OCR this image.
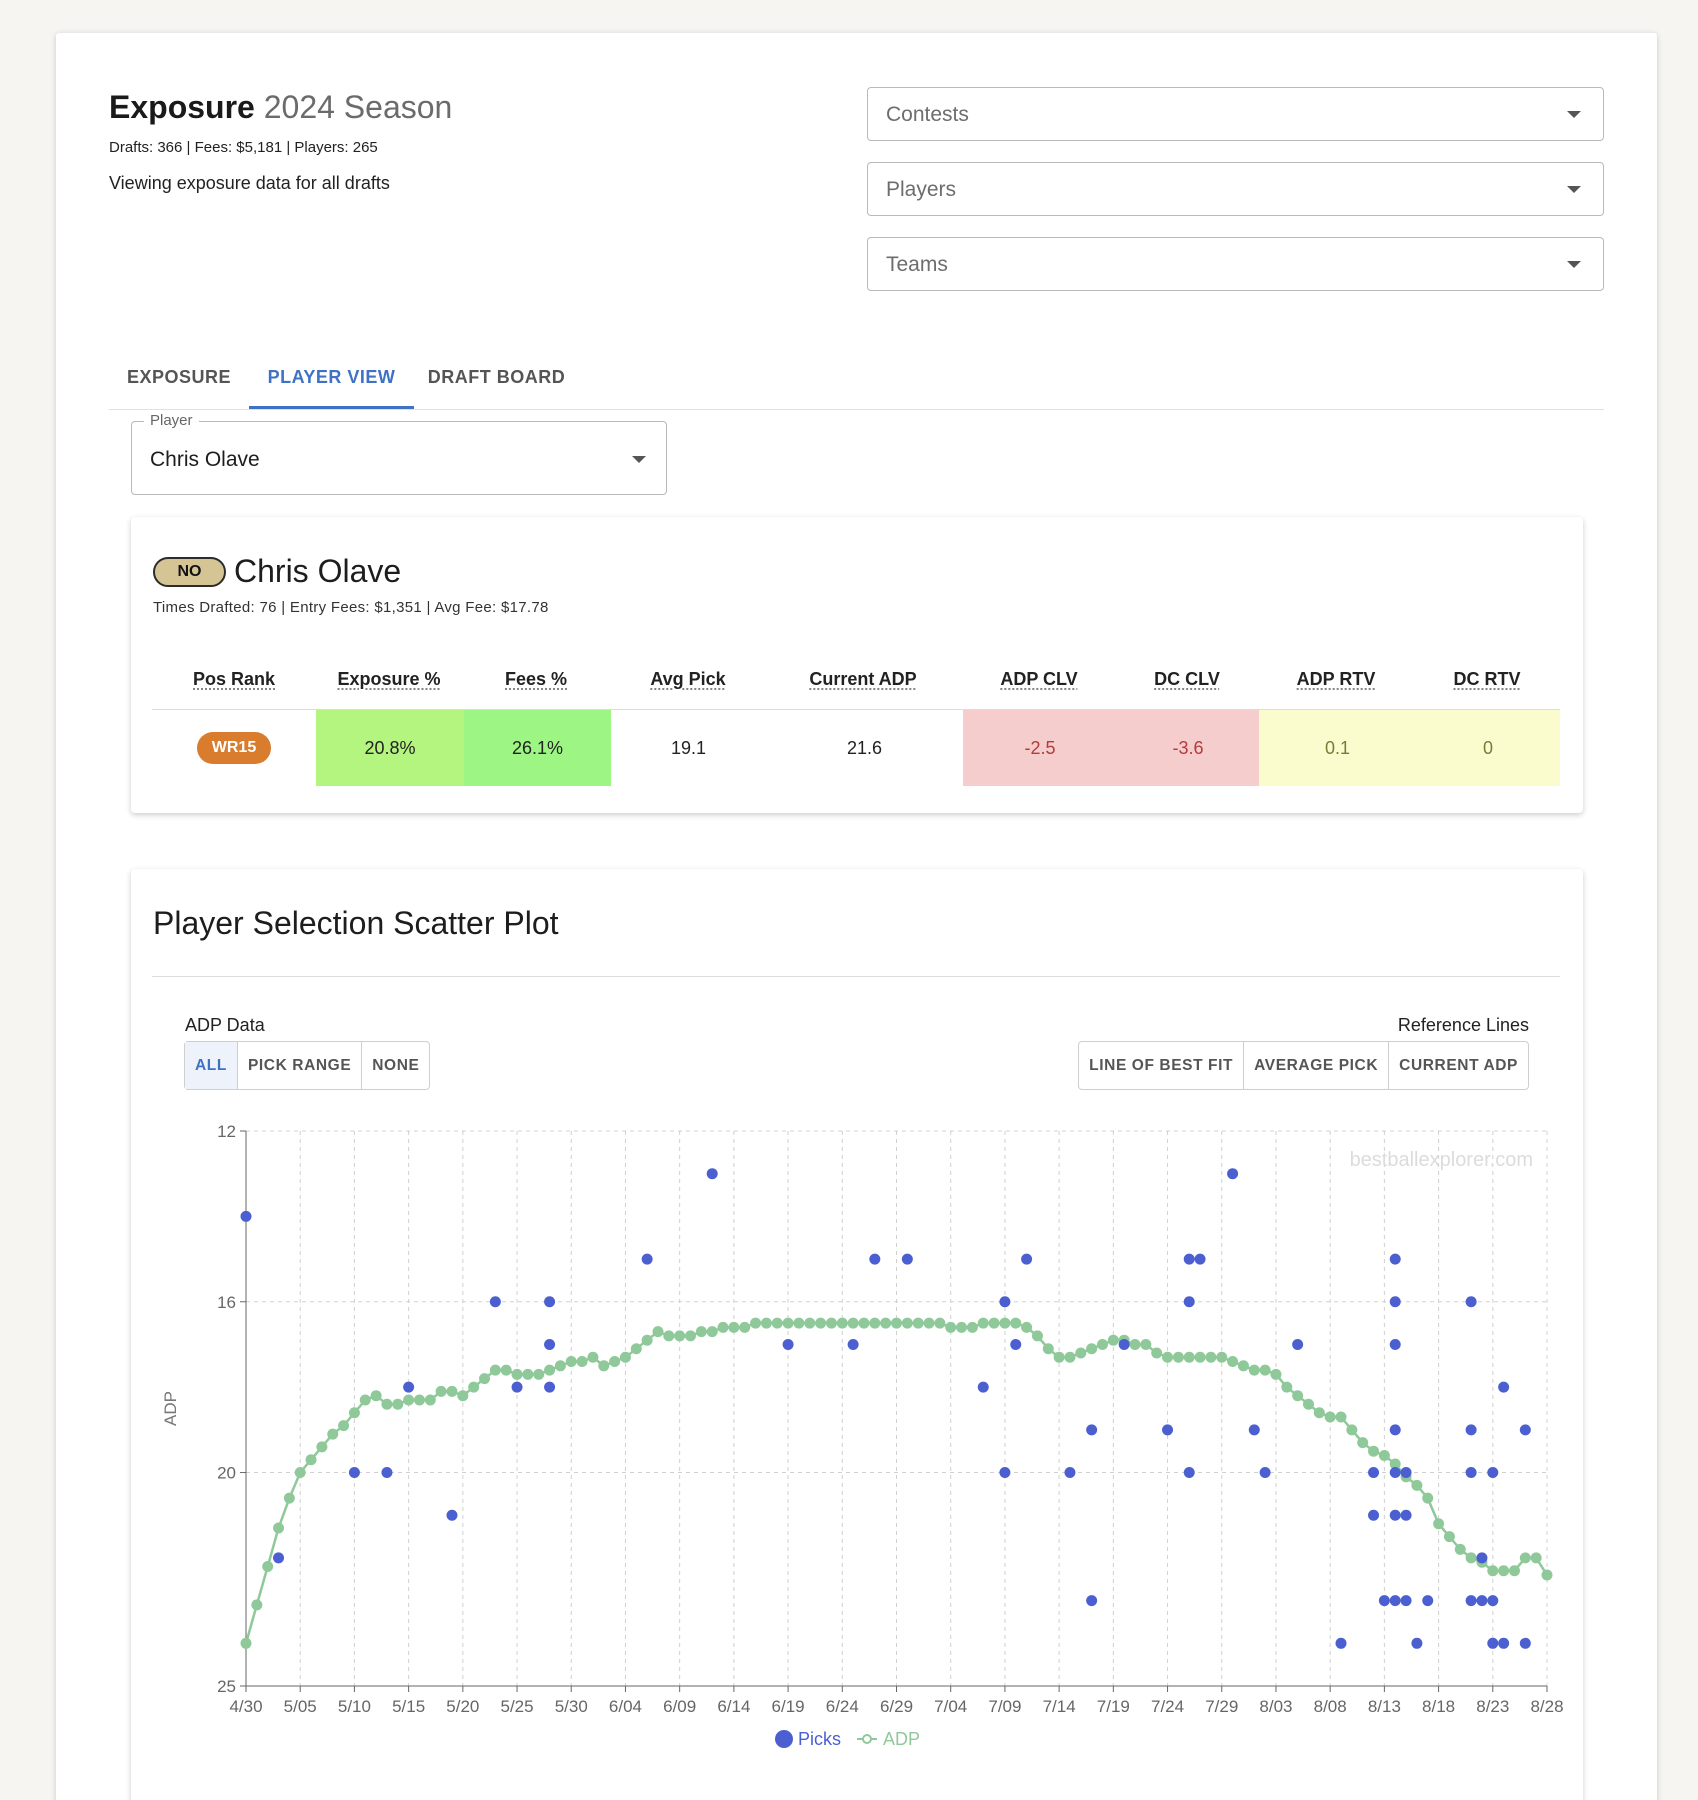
Exposure 2024 Season
Drafts: 366 | Fees: $5,181 | Players: 265
Viewing exposure data for all drafts
Contests
Players
Teams
EXPOSURE	PLAYER VIEW	DRAFT BOARD
Player
Chris Olave
NO	Chris Olave
Times Drafted: 76 | Entry Fees: $1,351 | Avg Fee: $17.78
Pos Rank	Exposure %	Fees %	Avg Pick	Current ADP	ADP CLV	DC CLV	ADP RTV	DC RTV
WR15	20.8%	26.1%	19.1	21.6	-2.5	-3.6	0.1	0
Player Selection Scatter Plot
ADP Data
ALL	PICK RANGE	NONE
Reference Lines
LINE OF BEST FIT	AVERAGE PICK	CURRENT ADP
12
16
20
25
4/30 5/05 5/10 5/15 5/20 5/25 5/30 6/04 6/09 6/14 6/19 6/24 6/29 7/04 7/09 7/14 7/19 7/24 7/29 8/03 8/08 8/13 8/18 8/23 8/28
ADP
bestballexplorer.com
Picks ADP
